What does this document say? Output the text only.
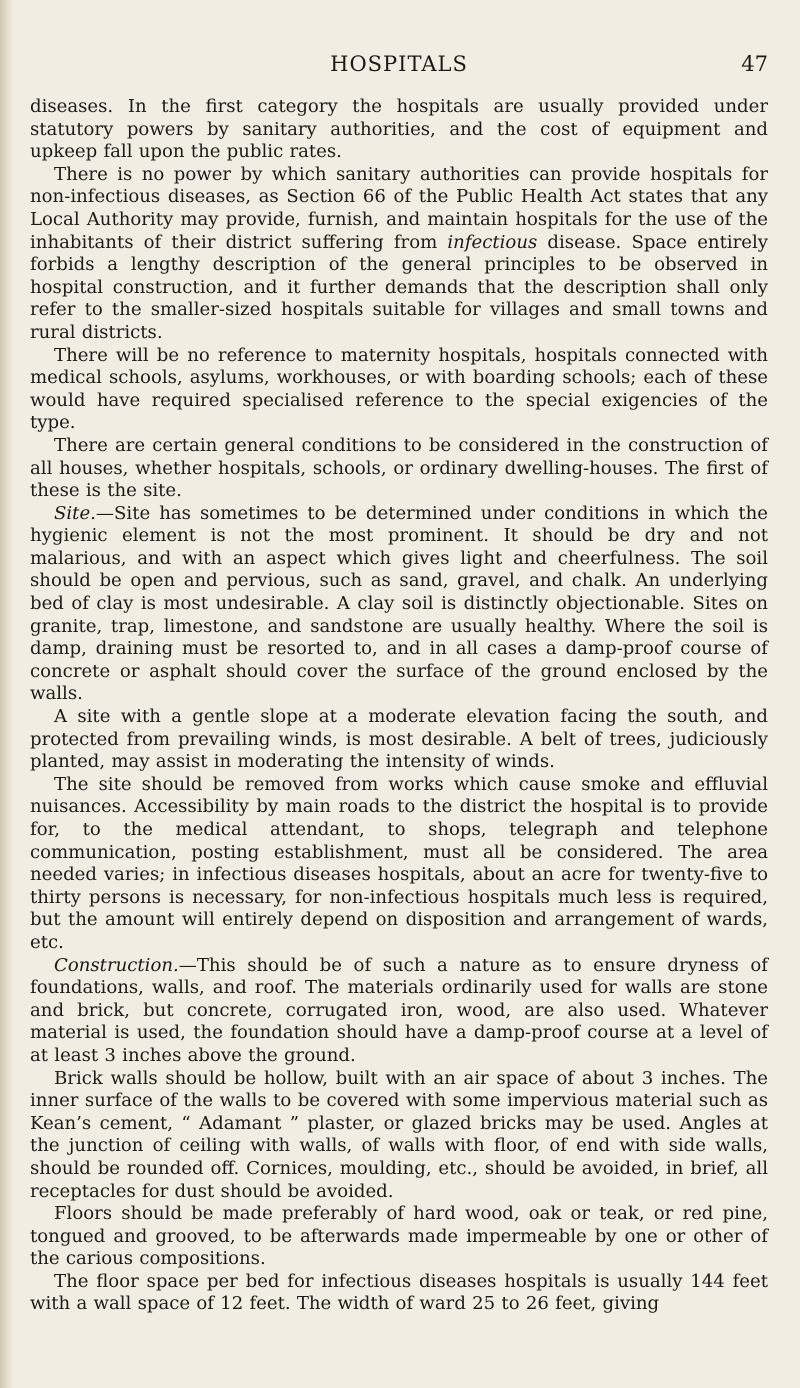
HOSPITALS	47

diseases. In the first category the hospitals are usually provided under statutory powers by sanitary authorities, and the cost of equipment and upkeep fall upon the public rates.

There is no power by which sanitary authorities can provide hospitals for non-infectious diseases, as Section 66 of the Public Health Act states that any Local Authority may provide, furnish, and maintain hospitals for the use of the inhabitants of their district suffering from infectious disease. Space entirely forbids a lengthy description of the general principles to be observed in hospital construction, and it further demands that the description shall only refer to the smaller-sized hospitals suitable for villages and small towns and rural districts.

There will be no reference to maternity hospitals, hospitals connected with medical schools, asylums, workhouses, or with boarding schools; each of these would have required specialised reference to the special exigencies of the type.

There are certain general conditions to be considered in the construction of all houses, whether hospitals, schools, or ordinary dwelling-houses. The first of these is the site.

Site.—Site has sometimes to be determined under conditions in which the hygienic element is not the most prominent. It should be dry and not malarious, and with an aspect which gives light and cheerfulness. The soil should be open and pervious, such as sand, gravel, and chalk. An underlying bed of clay is most undesirable. A clay soil is distinctly objectionable. Sites on granite, trap, limestone, and sandstone are usually healthy. Where the soil is damp, draining must be resorted to, and in all cases a damp-proof course of concrete or asphalt should cover the surface of the ground enclosed by the walls.

A site with a gentle slope at a moderate elevation facing the south, and protected from prevailing winds, is most desirable. A belt of trees, judiciously planted, may assist in moderating the intensity of winds.

The site should be removed from works which cause smoke and effluvial nuisances. Accessibility by main roads to the district the hospital is to provide for, to the medical attendant, to shops, telegraph and telephone communication, posting establishment, must all be considered. The area needed varies; in infectious diseases hospitals, about an acre for twenty-five to thirty persons is necessary, for non-infectious hospitals much less is required, but the amount will entirely depend on disposition and arrangement of wards, etc.

Construction.—This should be of such a nature as to ensure dryness of foundations, walls, and roof. The materials ordinarily used for walls are stone and brick, but concrete, corrugated iron, wood, are also used. Whatever material is used, the foundation should have a damp-proof course at a level of at least 3 inches above the ground.

Brick walls should be hollow, built with an air space of about 3 inches. The inner surface of the walls to be covered with some impervious material such as Kean’s cement, “ Adamant ” plaster, or glazed bricks may be used. Angles at the junction of ceiling with walls, of walls with floor, of end with side walls, should be rounded off. Cornices, moulding, etc., should be avoided, in brief, all receptacles for dust should be avoided.

Floors should be made preferably of hard wood, oak or teak, or red pine, tongued and grooved, to be afterwards made impermeable by one or other of the carious compositions.

The floor space per bed for infectious diseases hospitals is usually 144 feet with a wall space of 12 feet. The width of ward 25 to 26 feet, giving
